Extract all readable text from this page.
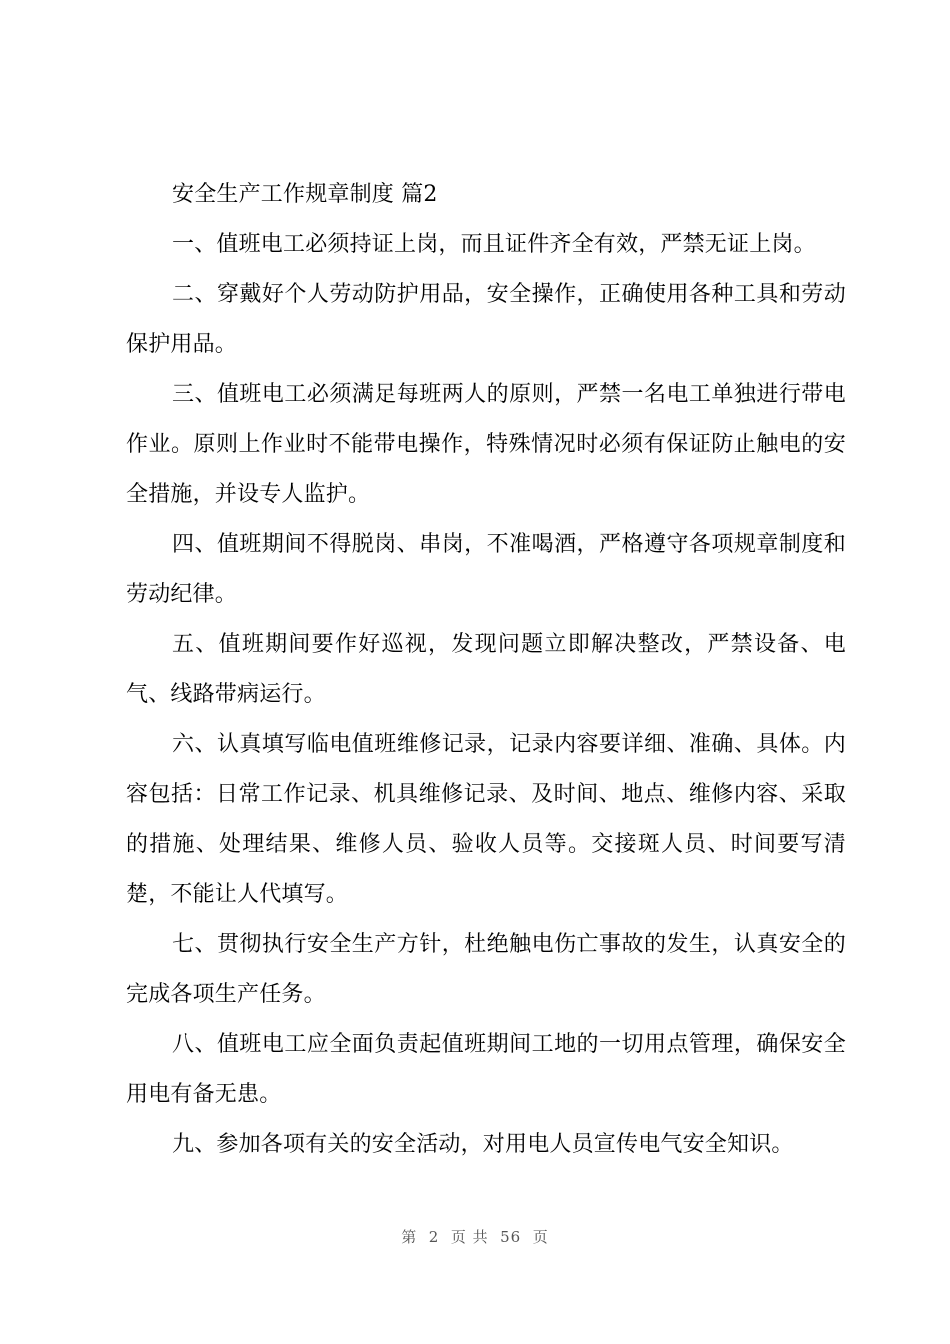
安全生产工作规章制度 篇2

一、值班电工必须持证上岗，而且证件齐全有效，严禁无证上岗。

二、穿戴好个人劳动防护用品，安全操作，正确使用各种工具和劳动保护用品。

三、值班电工必须满足每班两人的原则，严禁一名电工单独进行带电作业。原则上作业时不能带电操作，特殊情况时必须有保证防止触电的安全措施，并设专人监护。

四、值班期间不得脱岗、串岗，不准喝酒，严格遵守各项规章制度和劳动纪律。

五、值班期间要作好巡视，发现问题立即解决整改，严禁设备、电气、线路带病运行。

六、认真填写临电值班维修记录，记录内容要详细、准确、具体。内容包括：日常工作记录、机具维修记录、及时间、地点、维修内容、采取的措施、处理结果、维修人员、验收人员等。交接斑人员、时间要写清楚，不能让人代填写。

七、贯彻执行安全生产方针，杜绝触电伤亡事故的发生，认真安全的完成各项生产任务。

八、值班电工应全面负责起值班期间工地的一切用点管理，确保安全用电有备无患。

九、参加各项有关的安全活动，对用电人员宣传电气安全知识。

第  2  页 共  56  页
